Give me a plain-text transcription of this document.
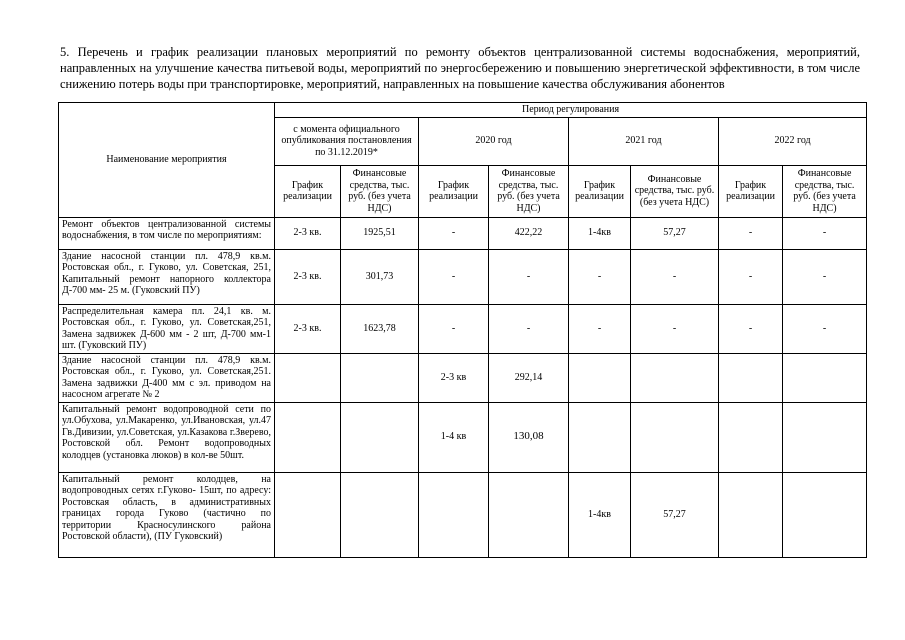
5. Перечень и график реализации плановых мероприятий по ремонту объектов централизованной системы водоснабжения, мероприятий, направленных на улучшение качества питьевой воды, мероприятий по энергосбережению и повышению энергетической эффективности, в том числе снижению потерь воды при транспортировке, мероприятий, направленных на повышение качества обслуживания абонентов
Наименование мероприятия	Период регулирования							
	с момента официального опубликования постановления по 31.12.2019*		2020 год		2021 год		2022 год	
	График реализации	Финансовые средства, тыс. руб. (без учета НДС)	График реализации	Финансовые средства, тыс. руб. (без учета НДС)	График реализации	Финансовые средства, тыс. руб. (без учета НДС)	График реализации	Финансовые средства, тыс. руб. (без учета НДС)
Ремонт объектов централизованной системы водоснабжения, в том числе по мероприятиям:	2-3 кв.	1925,51	-	422,22	1-4кв	57,27	-	-
Здание насосной станции пл. 478,9 кв.м. Ростовская обл., г. Гуково, ул. Советская, 251, Капитальный ремонт напорного коллектора Д-700 мм- 25 м. (Гуковский ПУ)	2-3 кв.	301,73	-	-	-	-	-	-
Распределительная камера пл. 24,1 кв. м. Ростовская обл., г. Гуково, ул. Советская,251, Замена задвижек Д-600 мм - 2 шт, Д-700 мм-1 шт. (Гуковский ПУ)	2-3 кв.	1623,78	-	-	-	-	-	-
Здание насосной станции пл. 478,9 кв.м. Ростовская обл., г. Гуково, ул. Советская,251. Замена задвижки Д-400 мм с эл. приводом на насосном агрегате № 2			2-3 кв	292,14				
Капитальный ремонт водопроводной сети по ул.Обухова, ул.Макаренко, ул.Ивановская, ул.47 Гв.Дивизии, ул.Советская, ул.Казакова г.Зверево, Ростовской обл. Ремонт водопроводных колодцев (установка люков) в кол-ве 50шт.			1-4 кв	130,08				
Капитальный ремонт колодцев, на водопроводных сетях г.Гуково- 15шт, по адресу: Ростовская область, в административных границах города Гуково (частично по территории Красносулинского района Ростовской области), (ПУ Гуковский)					1-4кв	57,27		
